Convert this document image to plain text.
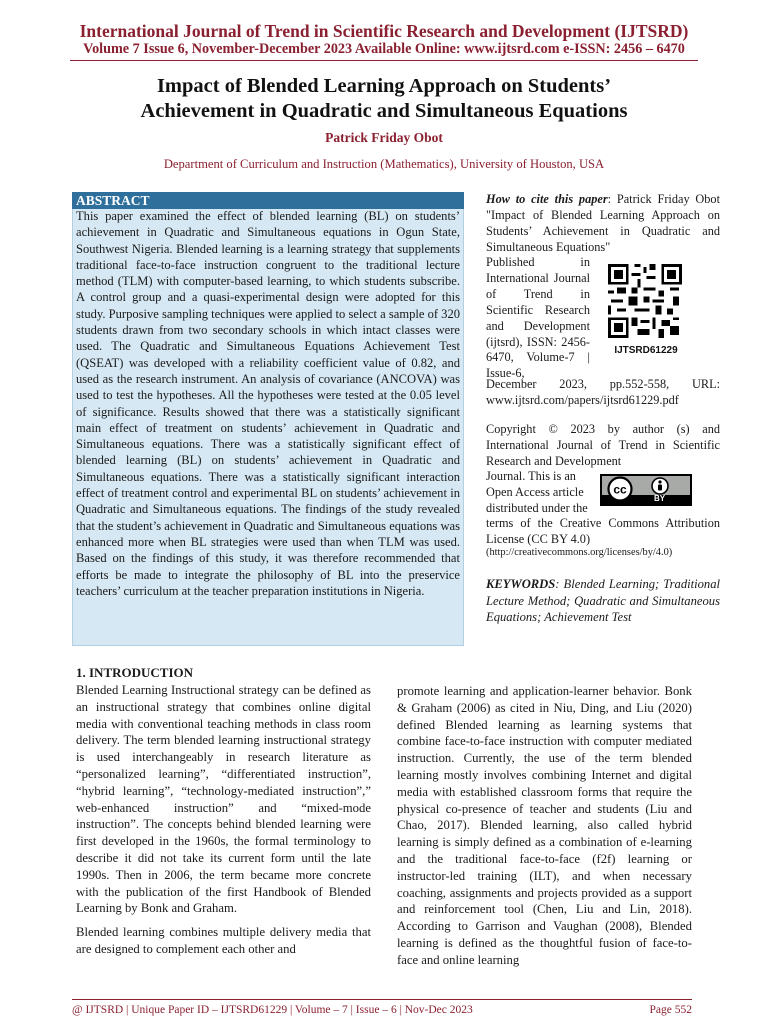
International Journal of Trend in Scientific Research and Development (IJTSRD)
Volume 7 Issue 6, November-December 2023 Available Online: www.ijtsrd.com e-ISSN: 2456 – 6470
Impact of Blended Learning Approach on Students’
Achievement in Quadratic and Simultaneous Equations
Patrick Friday Obot
Department of Curriculum and Instruction (Mathematics), University of Houston, USA
ABSTRACT
This paper examined the effect of blended learning (BL) on students’ achievement in Quadratic and Simultaneous equations in Ogun State, Southwest Nigeria. Blended learning is a learning strategy that supplements traditional face-to-face instruction congruent to the traditional lecture method (TLM) with computer-based learning, to which students subscribe. A control group and a quasi-experimental design were adopted for this study. Purposive sampling techniques were applied to select a sample of 320 students drawn from two secondary schools in which intact classes were used. The Quadratic and Simultaneous Equations Achievement Test (QSEAT) was developed with a reliability coefficient value of 0.82, and used as the research instrument. An analysis of covariance (ANCOVA) was used to test the hypotheses. All the hypotheses were tested at the 0.05 level of significance. Results showed that there was a statistically significant main effect of treatment on students’ achievement in Quadratic and Simultaneous equations. There was a statistically significant effect of blended learning (BL) on students’ achievement in Quadratic and Simultaneous equations. There was a statistically significant interaction effect of treatment control and experimental BL on students’ achievement in Quadratic and Simultaneous equations. The findings of the study revealed that the student’s achievement in Quadratic and Simultaneous equations was enhanced more when BL strategies were used than when TLM was used. Based on the findings of this study, it was therefore recommended that efforts be made to integrate the philosophy of BL into the preservice teachers’ curriculum at the teacher preparation institutions in Nigeria.
How to cite this paper: Patrick Friday Obot "Impact of Blended Learning Approach on Students’ Achievement in Quadratic and Simultaneous Equations"
Published in International Journal of Trend in Scientific Research and Development (ijtsrd), ISSN: 2456-6470, Volume-7 | Issue-6,
December 2023, pp.552-558, URL: www.ijtsrd.com/papers/ijtsrd61229.pdf
IJTSRD61229
Copyright © 2023 by author (s) and International Journal of Trend in Scientific Research and Development
Journal. This is an Open Access article distributed under the
terms of the Creative Commons Attribution License (CC BY 4.0)
(http://creativecommons.org/licenses/by/4.0)
cc
BY
KEYWORDS: Blended Learning; Traditional Lecture Method; Quadratic and Simultaneous Equations; Achievement Test
1. INTRODUCTION

Blended Learning Instructional strategy can be defined as an instructional strategy that combines online digital media with conventional teaching methods in class room delivery. The term blended learning instructional strategy is used interchangeably in research literature as “personalized learning”, “differentiated instruction”, “hybrid learning”, “technology-mediated instruction”,” web-enhanced instruction” and “mixed-mode instruction”. The concepts behind blended learning were first developed in the 1960s, the formal terminology to describe it did not take its current form until the late 1990s. Then in 2006, the term became more concrete with the publication of the first Handbook of Blended Learning by Bonk and Graham.

Blended learning combines multiple delivery media that are designed to complement each other and

promote learning and application-learner behavior. Bonk & Graham (2006) as cited in Niu, Ding, and Liu (2020) defined Blended learning as learning systems that combine face-to-face instruction with computer mediated instruction. Currently, the use of the term blended learning mostly involves combining Internet and digital media with established classroom forms that require the physical co-presence of teacher and students (Liu and Chao, 2017). Blended learning, also called hybrid learning is simply defined as a combination of e-learning and the traditional face-to-face (f2f) learning or instructor-led training (ILT), and when necessary coaching, assignments and projects provided as a support and reinforcement tool (Chen, Liu and Lin, 2018). According to Garrison and Vaughan (2008), Blended learning is defined as the thoughtful fusion of face-to-face and online learning

@ IJTSRD | Unique Paper ID – IJTSRD61229 | Volume – 7 | Issue – 6 | Nov-Dec 2023	Page 552
